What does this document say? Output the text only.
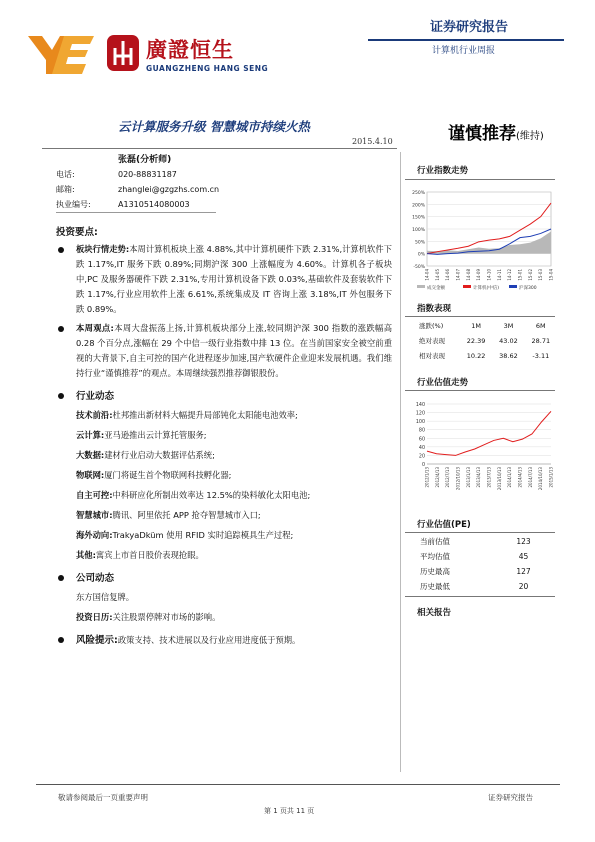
廣證恒生
GUANGZHENG HANG SENG
证券研究报告
计算机行业周报
云计算服务升级 智慧城市持续火热
2015.4.10	谨慎推荐(维持)
张磊(分析师)
电话:	020-88831187
邮箱:	zhanglei@gzgzhs.com.cn
执业编号:	A1310514080003
投资要点:
板块行情走势:本周计算机板块上涨 4.88%,其中计算机硬件下跌 2.31%,计算机软件下跌 1.17%,IT 服务下跌 0.89%;同期沪深 300 上涨幅度为 4.60%。计算机各子板块中,PC 及服务器硬件下跌 2.31%,专用计算机设备下跌 0.03%,基础软件及套装软件下跌 1.17%,行业应用软件上涨 6.61%,系统集成及 IT 咨询上涨 3.18%,IT 外包服务下跌 0.89%。
本周观点:本周大盘振荡上扬,计算机板块部分上涨,较同期沪深 300 指数的涨跌幅高 0.28 个百分点,涨幅在 29 个中信一级行业指数中排 13 位。在当前国家安全被空前重视的大背景下,自主可控的国产化进程逐步加速,国产软硬件企业迎来发展机遇。我们维持行业“谨慎推荐”的观点。本周继续强烈推荐御银股份。
行业动态
技术前沿:杜邦推出新材料大幅提升局部钝化太阳能电池效率;
云计算:亚马逊推出云计算托管服务;
大数据:建材行业启动大数据评估系统;
物联网:厦门将诞生首个物联网科技孵化器;
自主可控:中科研应化所制出效率达 12.5%的染料敏化太阳电池;
智慧城市:腾讯、阿里依托 APP 抢夺智慧城市入口;
海外动向:TrakyaDküm 使用 RFID 实时追踪模具生产过程;
其他:寓宾上市首日股价表现抢眼。
公司动态
东方国信复牌。
投资日历:关注股票停牌对市场的影响。
风险提示:政策支持、技术进展以及行业应用进度低于预期。
行业指数走势
250%
200%
150%
100%
50%
0%
-50%
14-04 14-05 14-06 14-07 14-08 14-09 14-10 14-11 14-12 15-01 15-02 15-03 15-04
成交金额	计算机(中信)	沪深300
指数表现
涨跌(%)	1M	3M	6M
绝对表现	22.39	43.02	28.71
相对表现	10.22	38.62	-3.11
行业估值走势
0
20
40
60
80
100
120
140
2012/1/13 2012/4/13 2012/7/13 2012/10/13 2013/1/13 2013/4/13 2013/7/13 2013/10/13 2014/1/13 2014/4/13 2014/7/13 2014/10/13 2015/1/13
行业估值(PE)
当前估值	123
平均估值	45
历史最高	127
历史最低	20
相关报告
敬请参阅最后一页重要声明	证券研究报告
第 1 页共 11 页
